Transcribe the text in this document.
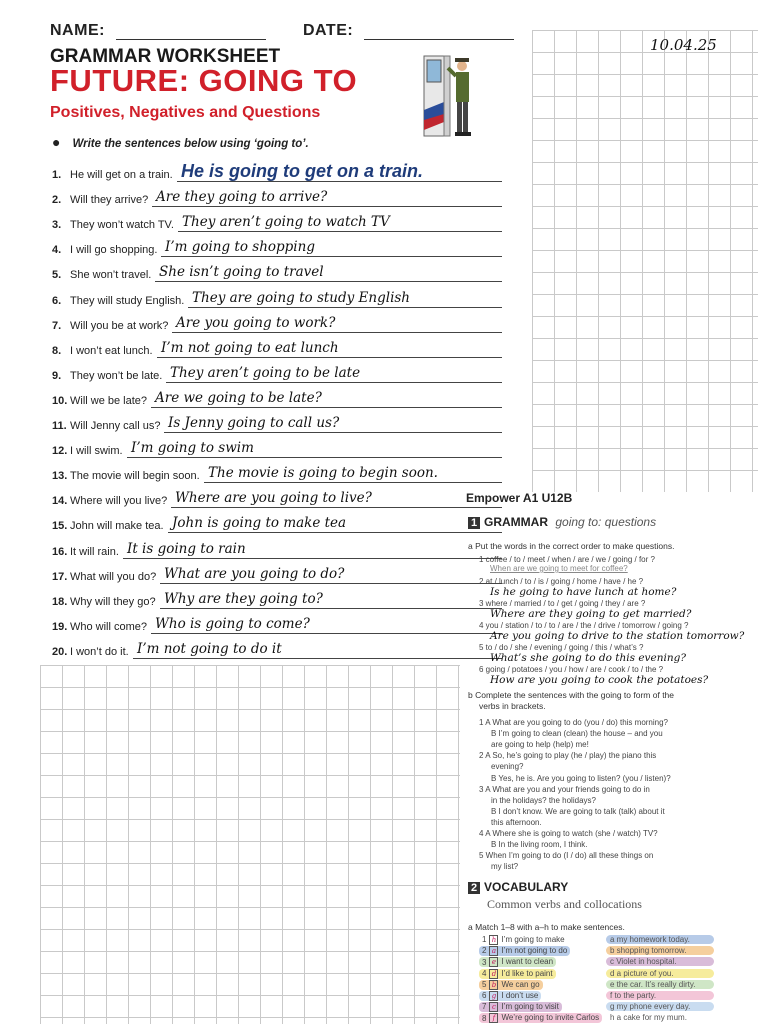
NAME:	DATE:
10.04.25
GRAMMAR WORKSHEET
FUTURE: GOING TO
Positives, Negatives and Questions
● Write the sentences below using ‘going to’.
1. He will get on a train. He is going to get on a train.
2. Will they arrive? Are they going to arrive?
3. They won’t watch TV. They aren’t going to watch TV
4. I will go shopping. I’m going to shopping
5. She won’t travel. She isn’t going to travel
6. They will study English. They are going to study English
7. Will you be at work? Are you going to work?
8. I won’t eat lunch. I’m not going to eat lunch
9. They won’t be late. They aren’t going to be late
10. Will we be late? Are we going to be late?
11. Will Jenny call us? Is Jenny going to call us?
12. I will swim. I’m going to swim
13. The movie will begin soon. The movie is going to begin soon.
14. Where will you live? Where are you going to live?
15. John will make tea. John is going to make tea
16. It will rain. It is going to rain
17. What will you do? What are you going to do?
18. Why will they go? Why are they going to?
19. Who will come? Who is going to come?
20. I won’t do it. I’m not going to do it
Empower A1 U12B
1 GRAMMAR going to: questions
a Put the words in the correct order to make questions.
1 coffee / to / meet / when / are / we / going / for ?
When are we going to meet for coffee?
2 at / lunch / to / is / going / home / have / he ?
Is he going to have lunch at home?
3 where / married / to / get / going / they / are ?
Where are they going to get married?
4 you / station / to / to / are / the / drive / tomorrow / going ?
Are you going to drive to the station tomorrow?
5 to / do / she / evening / going / this / what’s ?
What’s she going to do this evening?
6 going / potatoes / you / how / are / cook / to / the ?
How are you going to cook the potatoes?
b Complete the sentences with the going to form of the
verbs in brackets.
1 A What are you going to do (you / do) this morning?
B I’m going to clean (clean) the house – and you
are going to help (help) me!
2 A So, he’s going to play (he / play) the piano this
evening?
B Yes, he is. Are you going to listen? (you / listen)?
3 A What are you and your friends going to do in
in the holidays? the holidays?
B I don’t know. We are going to talk (talk) about it
this afternoon.
4 A Where she is going to watch (she / watch) TV?
B In the living room, I think.
5 When I’m going to do (I / do) all these things on
my list?
2 VOCABULARY
Common verbs and collocations
a Match 1–8 with a–h to make sentences.
1 h I’m going to make
2 a I’m not going to do
3 e I want to clean
4 d I’d like to paint
5 b We can go
6 g I don’t use
7 c I’m going to visit
8 f We’re going to invite Carlos
a my homework today.
b shopping tomorrow.
c Violet in hospital.
d a picture of you.
e the car. It’s really dirty.
f to the party.
g my phone every day.
h a cake for my mum.
